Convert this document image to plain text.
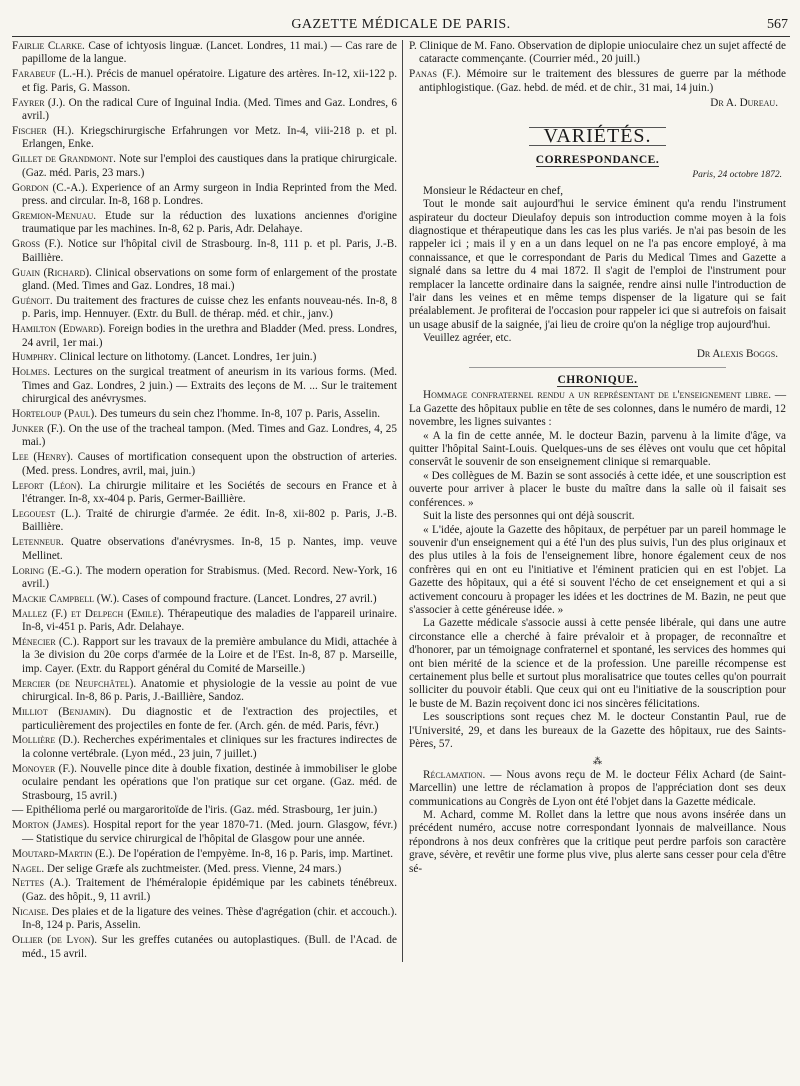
GAZETTE MÉDICALE DE PARIS.	567

Fairlie Clarke. Case of ichtyosis linguæ. (Lancet. Londres, 11 mai.) — Cas rare de papillome de la langue.

Farabeuf (L.-H.). Précis de manuel opératoire. Ligature des artères. In-12, xii-122 p. et fig. Paris, G. Masson.

Fayrer (J.). On the radical Cure of Inguinal India. (Med. Times and Gaz. Londres, 6 avril.)

Fischer (H.). Kriegschirurgische Erfahrungen vor Metz. In-4, viii-218 p. et pl. Erlangen, Enke.

Gillet de Grandmont. Note sur l'emploi des caustiques dans la pratique chirurgicale. (Gaz. méd. Paris, 23 mars.)

Gordon (C.-A.). Experience of an Army surgeon in India Reprinted from the Med. press. and circular. In-8, 168 p. Londres.

Gremion-Menuau. Etude sur la réduction des luxations anciennes d'origine traumatique par les machines. In-8, 62 p. Paris, Adr. Delahaye.

Gross (F.). Notice sur l'hôpital civil de Strasbourg. In-8, 111 p. et pl. Paris, J.-B. Baillière.

Guain (Richard). Clinical observations on some form of enlargement of the prostate gland. (Med. Times and Gaz. Londres, 18 mai.)

Guénoit. Du traitement des fractures de cuisse chez les enfants nouveau-nés. In-8, 8 p. Paris, imp. Hennuyer. (Extr. du Bull. de thérap. méd. et chir., janv.)

Hamilton (Edward). Foreign bodies in the urethra and Bladder (Med. press. Londres, 24 avril, 1er mai.)

Humphry. Clinical lecture on lithotomy. (Lancet. Londres, 1er juin.)

Holmes. Lectures on the surgical treatment of aneurism in its various forms. (Med. Times and Gaz. Londres, 2 juin.) — Extraits des leçons de M. ... Sur le traitement chirurgical des anévrysmes.

Horteloup (Paul). Des tumeurs du sein chez l'homme. In-8, 107 p. Paris, Asselin.

Junker (F.). On the use of the tracheal tampon. (Med. Times and Gaz. Londres, 4, 25 mai.)

Lee (Henry). Causes of mortification consequent upon the obstruction of arteries. (Med. press. Londres, avril, mai, juin.)

Lefort (Léon). La chirurgie militaire et les Sociétés de secours en France et à l'étranger. In-8, xx-404 p. Paris, Germer-Baillière.

Legouest (L.). Traité de chirurgie d'armée. 2e édit. In-8, xii-802 p. Paris, J.-B. Baillière.

Letenneur. Quatre observations d'anévrysmes. In-8, 15 p. Nantes, imp. veuve Mellinet.

Loring (E.-G.). The modern operation for Strabismus. (Med. Record. New-York, 16 avril.)

Mackie Campbell (W.). Cases of compound fracture. (Lancet. Londres, 27 avril.)

Mallez (F.) et Delpech (Emile). Thérapeutique des maladies de l'appareil urinaire. In-8, vi-451 p. Paris, Adr. Delahaye.

Ménecier (C.). Rapport sur les travaux de la première ambulance du Midi, attachée à la 3e division du 20e corps d'armée de la Loire et de l'Est. In-8, 87 p. Marseille, imp. Cayer. (Extr. du Rapport général du Comité de Marseille.)

Mercier (de Neufchâtel). Anatomie et physiologie de la vessie au point de vue chirurgical. In-8, 86 p. Paris, J.-Baillière, Sandoz.

Milliot (Benjamin). Du diagnostic et de l'extraction des projectiles, et particulièrement des projectiles en fonte de fer. (Arch. gén. de méd. Paris, févr.)

Mollière (D.). Recherches expérimentales et cliniques sur les fractures indirectes de la colonne vertébrale. (Lyon méd., 23 juin, 7 juillet.)

Monoyer (F.). Nouvelle pince dite à double fixation, destinée à immobiliser le globe oculaire pendant les opérations que l'on pratique sur cet organe. (Gaz. méd. de Strasbourg, 15 avril.)

— Epithélioma perlé ou margaroritoïde de l'iris. (Gaz. méd. Strasbourg, 1er juin.)

Morton (James). Hospital report for the year 1870-71. (Med. journ. Glasgow, févr.) — Statistique du service chirurgical de l'hôpital de Glasgow pour une année.

Moutard-Martin (E.). De l'opération de l'empyème. In-8, 16 p. Paris, imp. Martinet.

Nagel. Der selige Græfe als zuchtmeister. (Med. press. Vienne, 24 mars.)

Nettes (A.). Traitement de l'héméralopie épidémique par les cabinets ténébreux. (Gaz. des hôpit., 9, 11 avril.)

Nicaise. Des plaies et de la ligature des veines. Thèse d'agrégation (chir. et accouch.). In-8, 124 p. Paris, Asselin.

Ollier (de Lyon). Sur les greffes cutanées ou autoplastiques. (Bull. de l'Acad. de méd., 15 avril.

P. Clinique de M. Fano. Observation de diplopie unioculaire chez un sujet affecté de cataracte commençante. (Courrier méd., 20 juill.)

Panas (F.). Mémoire sur le traitement des blessures de guerre par la méthode antiphlogistique. (Gaz. hebd. de méd. et de chir., 31 mai, 14 juin.)

Dr A. Dureau.
VARIÉTÉS.
CORRESPONDANCE.
Paris, 24 octobre 1872.

Monsieur le Rédacteur en chef,

Tout le monde sait aujourd'hui le service éminent qu'a rendu l'instrument aspirateur du docteur Dieulafoy depuis son introduction comme moyen à la fois diagnostique et thérapeutique dans les cas les plus variés. Je n'ai pas besoin de les rappeler ici ; mais il y en a un dans lequel on ne l'a pas encore employé, à ma connaissance, et que le correspondant de Paris du Medical Times and Gazette a signalé dans sa lettre du 4 mai 1872. Il s'agit de l'emploi de l'instrument pour remplacer la lancette ordinaire dans la saignée, rendre ainsi nulle l'introduction de l'air dans les veines et en même temps dispenser de la ligature qui se fait préalablement. Je profiterai de l'occasion pour rappeler ici que si autrefois on faisait un usage abusif de la saignée, j'ai lieu de croire qu'on la néglige trop aujourd'hui.

Veuillez agréer, etc.

Dr Alexis Boggs.
CHRONIQUE.

Hommage confraternel rendu a un représentant de l'enseignement libre. — La Gazette des hôpitaux publie en tête de ses colonnes, dans le numéro de mardi, 12 novembre, les lignes suivantes :

« A la fin de cette année, M. le docteur Bazin, parvenu à la limite d'âge, va quitter l'hôpital Saint-Louis. Quelques-uns de ses élèves ont voulu que cet hôpital conservât le souvenir de son enseignement clinique si remarquable.

« Des collègues de M. Bazin se sont associés à cette idée, et une souscription est ouverte pour arriver à placer le buste du maître dans la salle où il faisait ses conférences. »

Suit la liste des personnes qui ont déjà souscrit.

« L'idée, ajoute la Gazette des hôpitaux, de perpétuer par un pareil hommage le souvenir d'un enseignement qui a été l'un des plus suivis, l'un des plus originaux et des plus utiles à la fois de l'enseignement libre, honore également ceux de nos confrères qui en ont eu l'initiative et l'éminent praticien qui en est l'objet. La Gazette des hôpitaux, qui a été si souvent l'écho de cet enseignement et qui a si activement concouru à propager les idées et les doctrines de M. Bazin, ne peut que s'associer à cette généreuse idée. »

La Gazette médicale s'associe aussi à cette pensée libérale, qui dans une autre circonstance elle a cherché à faire prévaloir et à propager, de reconnaître et d'honorer, par un témoignage confraternel et spontané, les services des hommes qui ont bien mérité de la science et de la profession. Une pareille récompense est certainement plus belle et surtout plus moralisatrice que toutes celles qu'on pourrait solliciter du pouvoir établi. Que ceux qui ont eu l'initiative de la souscription pour le buste de M. Bazin reçoivent donc ici nos sincères félicitations.

Les souscriptions sont reçues chez M. le docteur Constantin Paul, rue de l'Université, 29, et dans les bureaux de la Gazette des hôpitaux, rue des Saints-Pères, 57.

⁂

Réclamation. — Nous avons reçu de M. le docteur Félix Achard (de Saint-Marcellin) une lettre de réclamation à propos de l'appréciation dont ses deux communications au Congrès de Lyon ont été l'objet dans la Gazette médicale.

M. Achard, comme M. Rollet dans la lettre que nous avons insérée dans un précédent numéro, accuse notre correspondant lyonnais de malveillance. Nous répondrons à nos deux confrères que la critique peut perdre parfois son caractère grave, sévère, et revêtir une forme plus vive, plus alerte sans cesser pour cela d'être sé-
